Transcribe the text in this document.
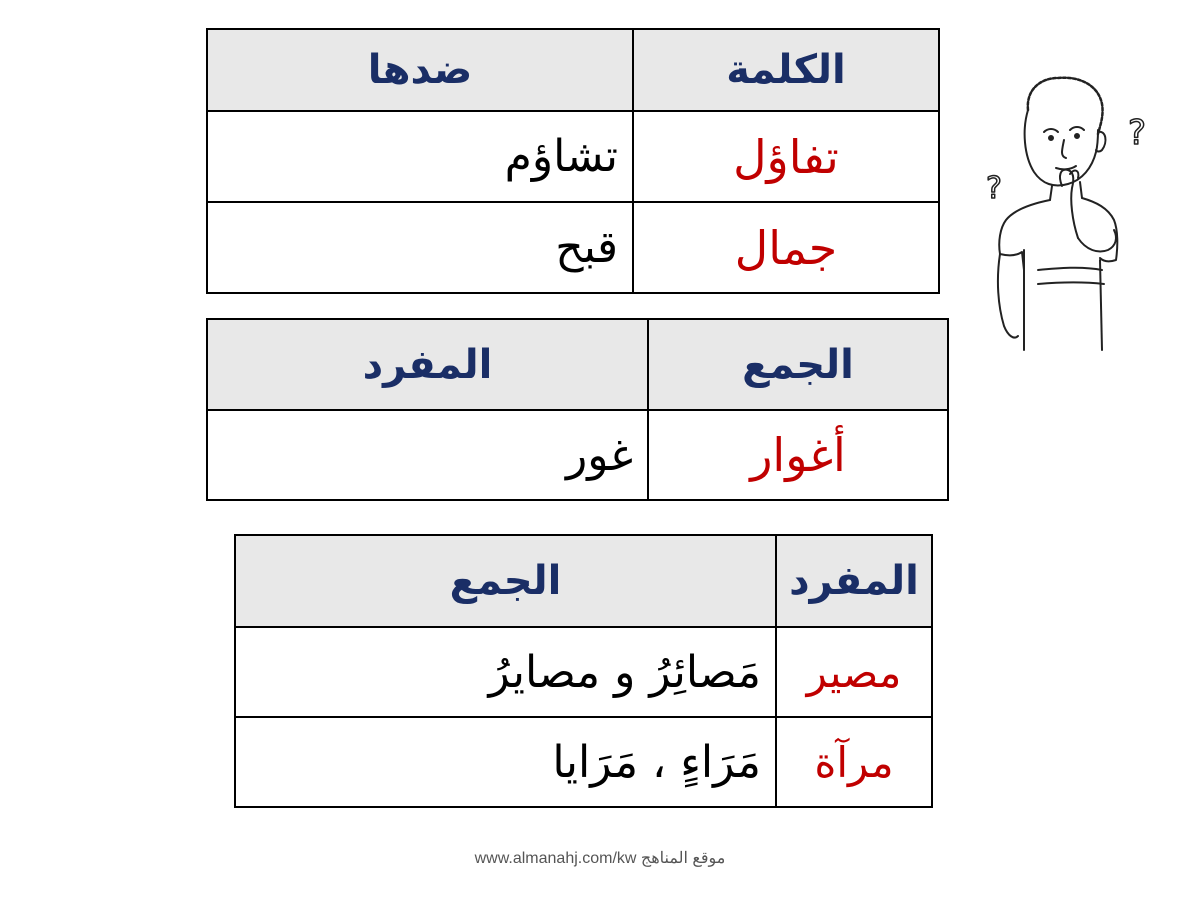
الكلمة	ضدها
تفاؤل	تشاؤم
جمال	قبح
الجمع	المفرد
أغوار	غور
المفرد	الجمع
مصير	مَصائِرُ و مصايرُ
مرآة	مَرَاءٍ ، مَرَايا
?
?
www.almanahj.com/kw موقع المناهج
